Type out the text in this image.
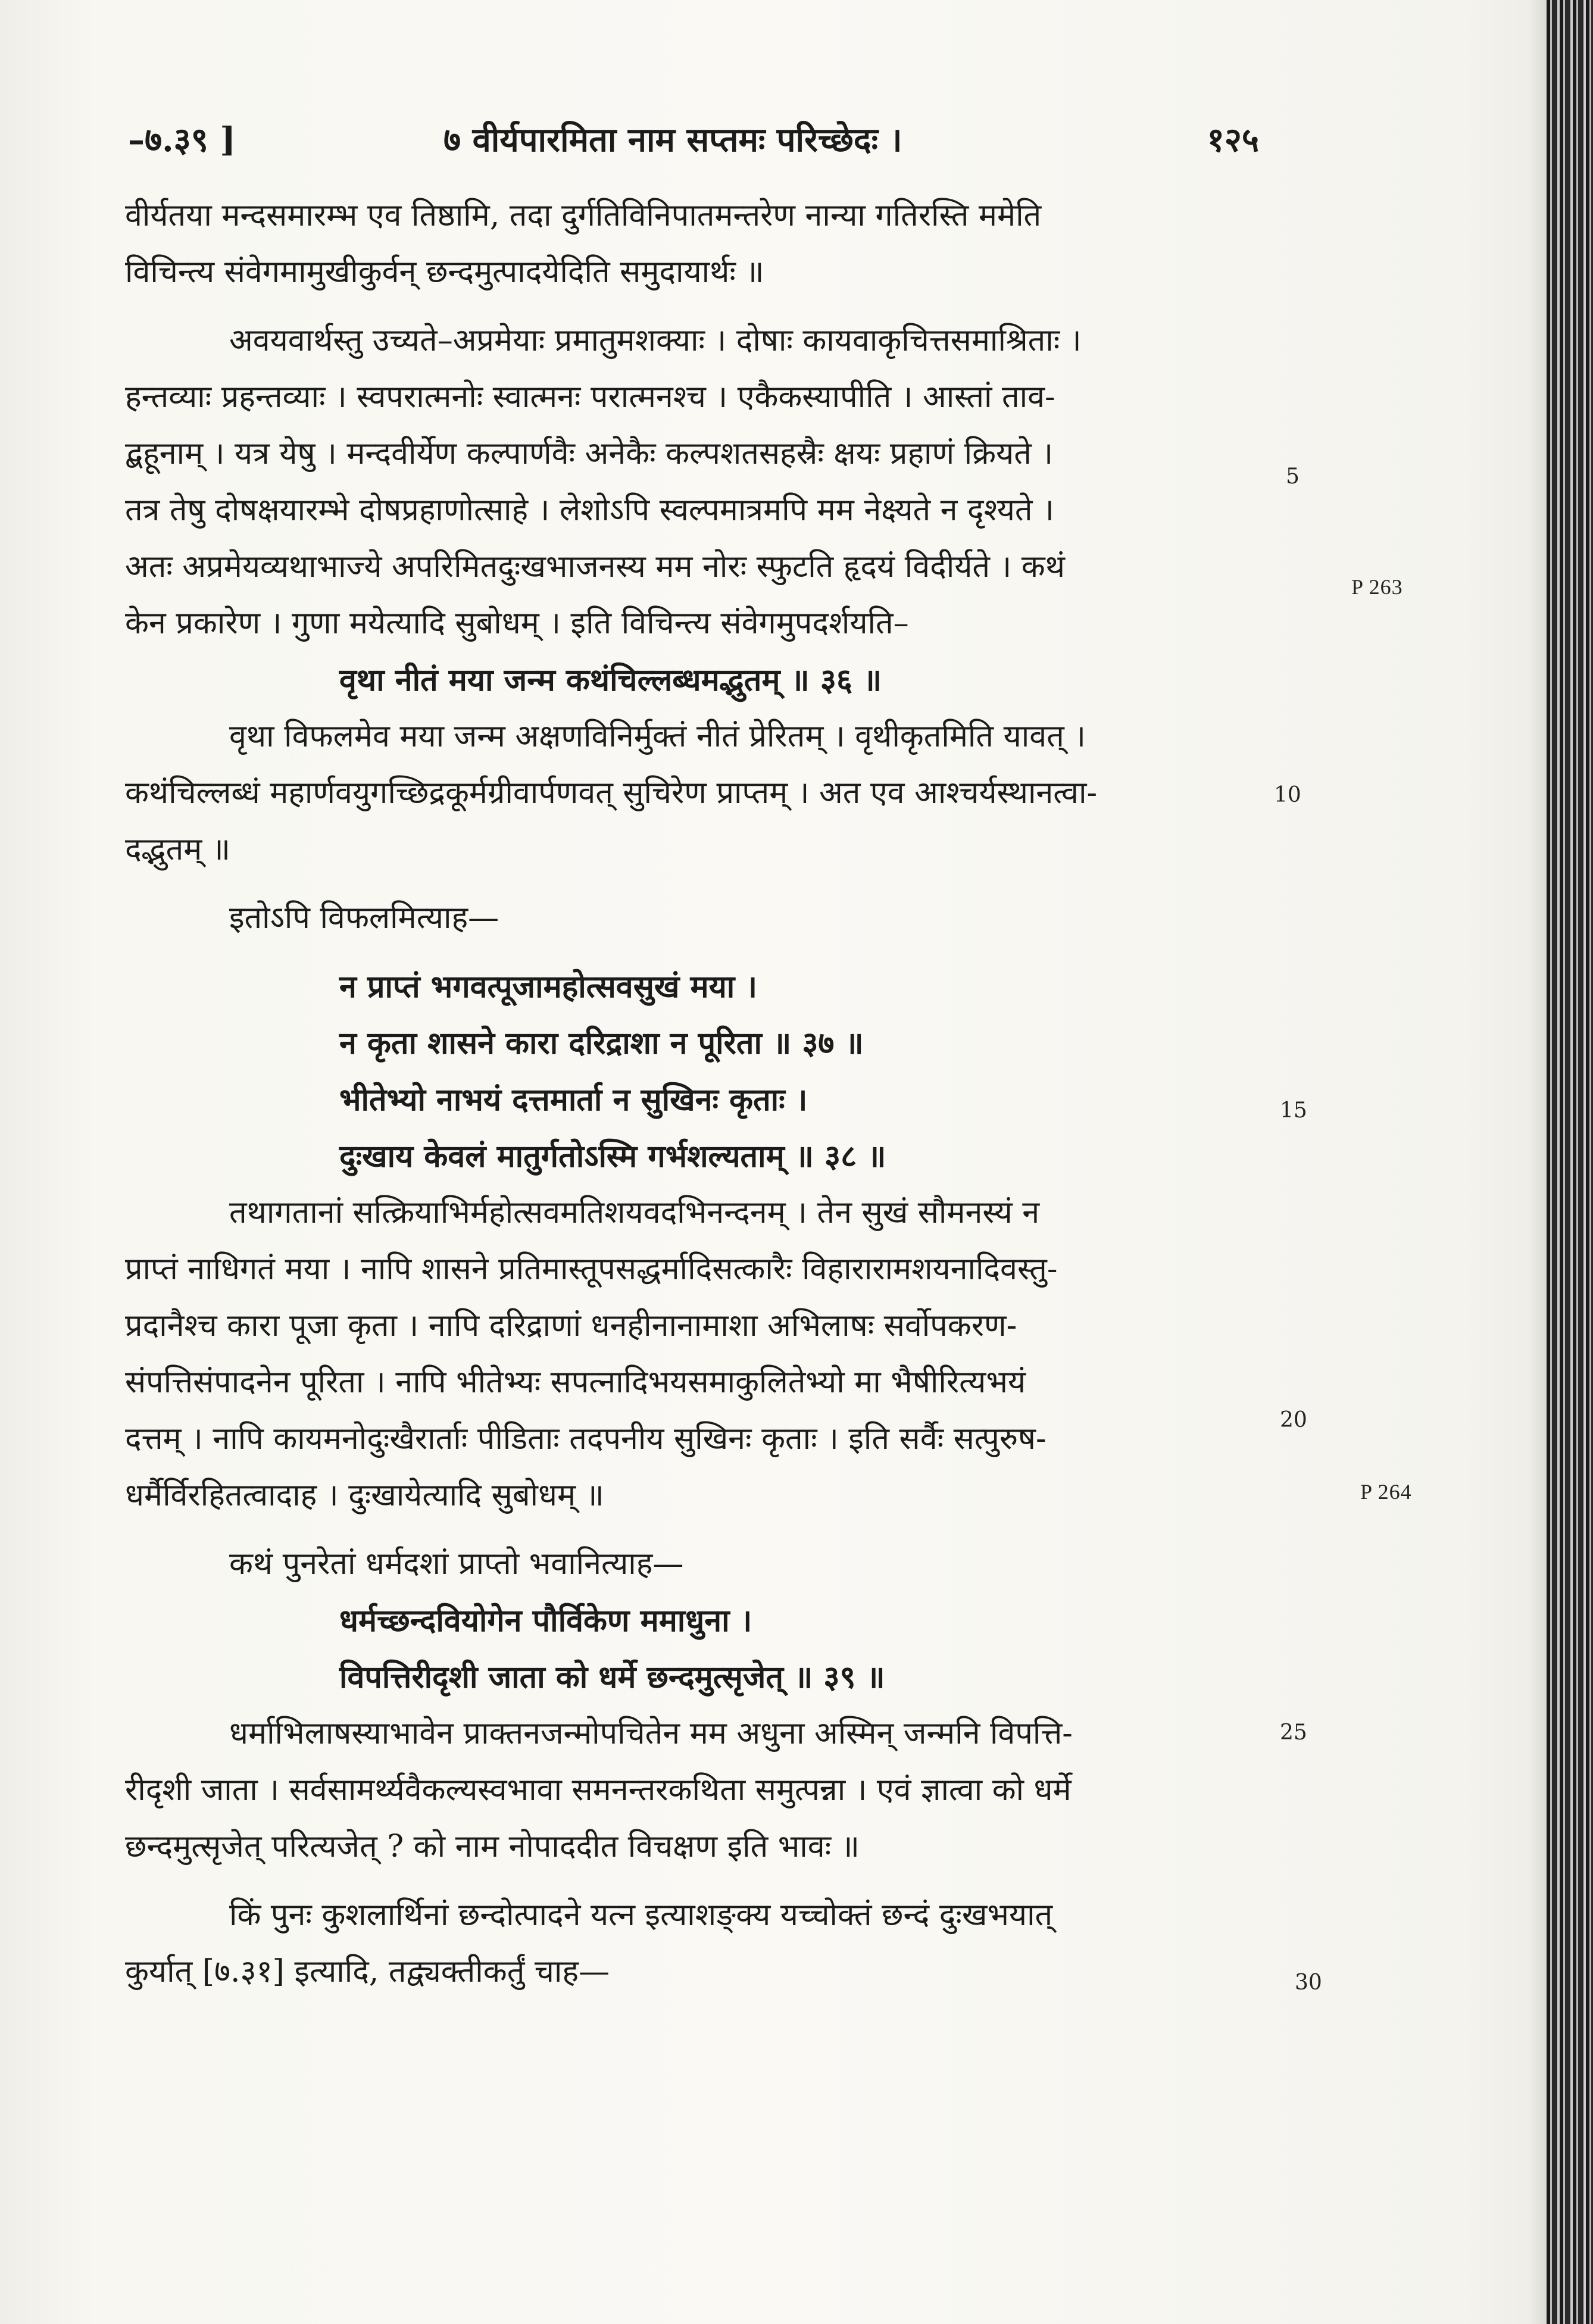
–७.३९ ]	७ वीर्यपारमिता नाम सप्तमः परिच्छेदः ।	१२५

वीर्यतया मन्दसमारम्भ एव तिष्ठामि, तदा दुर्गतिविनिपातमन्तरेण नान्या गतिरस्ति ममेति
विचिन्त्य संवेगमामुखीकुर्वन् छन्दमुत्पादयेदिति समुदायार्थः ॥

अवयवार्थस्तु उच्यते–अप्रमेयाः प्रमातुमशक्याः । दोषाः कायवाकृचित्तसमाश्रिताः ।
हन्तव्याः प्रहन्तव्याः । स्वपरात्मनोः स्वात्मनः परात्मनश्च । एकैकस्यापीति । आस्तां ताव-
द्बहूनाम् । यत्र येषु । मन्दवीर्येण कल्पार्णवैः अनेकैः कल्पशतसहस्रैः क्षयः प्रहाणं क्रियते ।
तत्र तेषु दोषक्षयारम्भे दोषप्रहाणोत्साहे । लेशोऽपि स्वल्पमात्रमपि मम नेक्ष्यते न दृश्यते ।
अतः अप्रमेयव्यथाभाज्ये अपरिमितदुःखभाजनस्य मम नोरः स्फुटति हृदयं विदीर्यते । कथं
केन प्रकारेण । गुणा मयेत्यादि सुबोधम् । इति विचिन्त्य संवेगमुपदर्शयति–

वृथा नीतं मया जन्म कथंचिल्लब्धमद्भुतम् ॥ ३६ ॥

वृथा विफलमेव मया जन्म अक्षणविनिर्मुक्तं नीतं प्रेरितम् । वृथीकृतमिति यावत् ।
कथंचिल्लब्धं महार्णवयुगच्छिद्रकूर्मग्रीवार्पणवत् सुचिरेण प्राप्तम् । अत एव आश्चर्यस्थानत्वा-
दद्भुतम् ॥

इतोऽपि विफलमित्याह—
न प्राप्तं भगवत्पूजामहोत्सवसुखं मया ।
न कृता शासने कारा दरिद्राशा न पूरिता ॥ ३७ ॥
भीतेभ्यो नाभयं दत्तमार्ता न सुखिनः कृताः ।
दुःखाय केवलं मातुर्गतोऽस्मि गर्भशल्यताम् ॥ ३८ ॥

तथागतानां सत्क्रियाभिर्महोत्सवमतिशयवदभिनन्दनम् । तेन सुखं सौमनस्यं न
प्राप्तं नाधिगतं मया । नापि शासने प्रतिमास्तूपसद्धर्मादिसत्कारैः विहारारामशयनादिवस्तु-
प्रदानैश्च कारा पूजा कृता । नापि दरिद्राणां धनहीनानामाशा अभिलाषः सर्वोपकरण-
संपत्तिसंपादनेन पूरिता । नापि भीतेभ्यः सपत्नादिभयसमाकुलितेभ्यो मा भैषीरित्यभयं
दत्तम् । नापि कायमनोदुःखैरार्ताः पीडिताः तदपनीय सुखिनः कृताः । इति सर्वैः सत्पुरुष-
धर्मैर्विरहितत्वादाह । दुःखायेत्यादि सुबोधम् ॥

कथं पुनरेतां धर्मदशां प्राप्तो भवानित्याह—
धर्मच्छन्दवियोगेन पौर्विकेण ममाधुना ।
विपत्तिरीदृशी जाता को धर्मे छन्दमुत्सृजेत् ॥ ३९ ॥

धर्माभिलाषस्याभावेन प्राक्तनजन्मोपचितेन मम अधुना अस्मिन् जन्मनि विपत्ति-
रीदृशी जाता । सर्वसामर्थ्यवैकल्यस्वभावा समनन्तरकथिता समुत्पन्ना । एवं ज्ञात्वा को धर्मे
छन्दमुत्सृजेत् परित्यजेत् ? को नाम नोपाददीत विचक्षण इति भावः ॥

किं पुनः कुशलार्थिनां छन्दोत्पादने यत्न इत्याशङ्क्य यच्चोक्तं छन्दं दुःखभयात्
कुर्यात् [७.३१] इत्यादि, तद्व्यक्तीकर्तुं चाह—

5
10
15
20
25
30
P 263
P 264
